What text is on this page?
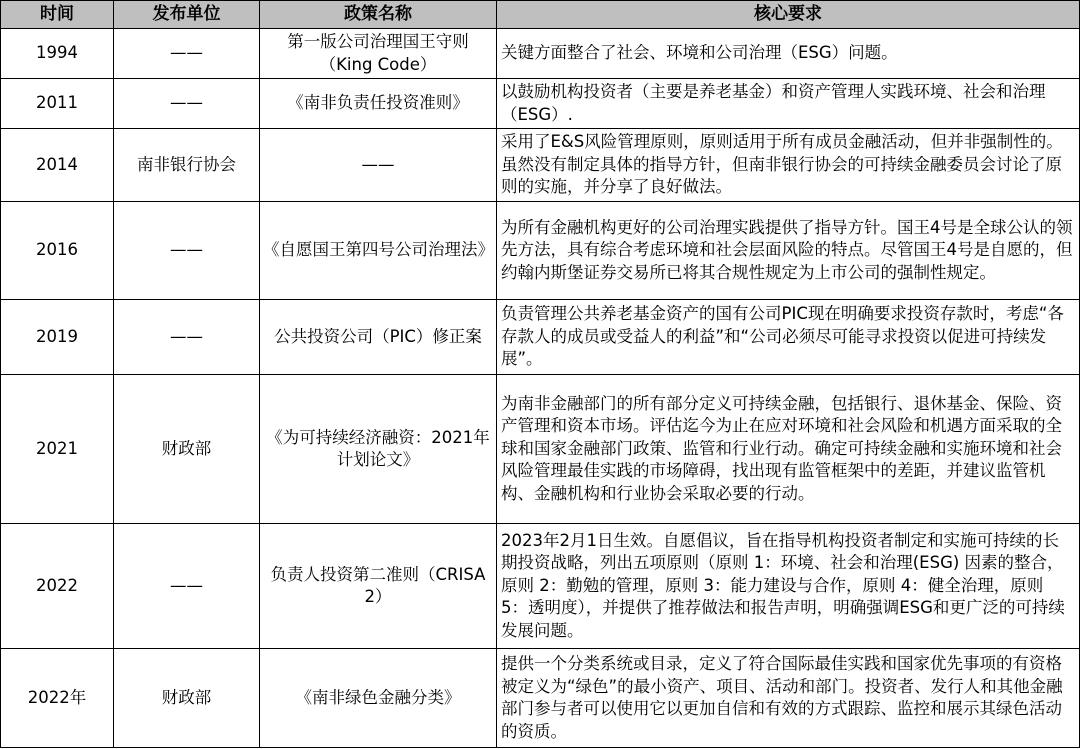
时间	发布单位	政策名称	核心要求
1994	——	第一版公司治理国王守则（King Code）	关键方面整合了社会、环境和公司治理（ESG）问题。
2011	——	《南非负责任投资准则》	以鼓励机构投资者（主要是养老基金）和资产管理人实践环境、社会和治理（ESG）.
2014	南非银行协会	——	采用了E&S风险管理原则，原则适用于所有成员金融活动，但并非强制性的。虽然没有制定具体的指导方针，但南非银行协会的可持续金融委员会讨论了原则的实施，并分享了良好做法。
2016	——	《自愿国王第四号公司治理法》	为所有金融机构更好的公司治理实践提供了指导方针。国王4号是全球公认的领先方法，具有综合考虑环境和社会层面风险的特点。尽管国王4号是自愿的，但约翰内斯堡证券交易所已将其合规性规定为上市公司的强制性规定。
2019	——	公共投资公司（PIC）修正案	负责管理公共养老基金资产的国有公司PIC现在明确要求投资存款时，考虑“各存款人的成员或受益人的利益”和“公司必须尽可能寻求投资以促进可持续发展”。
2021	财政部	《为可持续经济融资：2021年计划论文》	为南非金融部门的所有部分定义可持续金融，包括银行、退休基金、保险、资产管理和资本市场。评估迄今为止在应对环境和社会风险和机遇方面采取的全球和国家金融部门政策、监管和行业行动。确定可持续金融和实施环境和社会风险管理最佳实践的市场障碍，找出现有监管框架中的差距，并建议监管机构、金融机构和行业协会采取必要的行动。
2022	——	负责人投资第二准则（CRISA 2）	2023年2月1日生效。自愿倡议，旨在指导机构投资者制定和实施可持续的长期投资战略，列出五项原则（原则 1：环境、社会和治理(ESG) 因素的整合，原则 2：勤勉的管理，原则 3：能力建设与合作，原则 4：健全治理，原则 5：透明度），并提供了推荐做法和报告声明，明确强调ESG和更广泛的可持续发展问题。
2022年	财政部	《南非绿色金融分类》	提供一个分类系统或目录，定义了符合国际最佳实践和国家优先事项的有资格被定义为“绿色”的最小资产、项目、活动和部门。投资者、发行人和其他金融部门参与者可以使用它以更加自信和有效的方式跟踪、监控和展示其绿色活动的资质。
